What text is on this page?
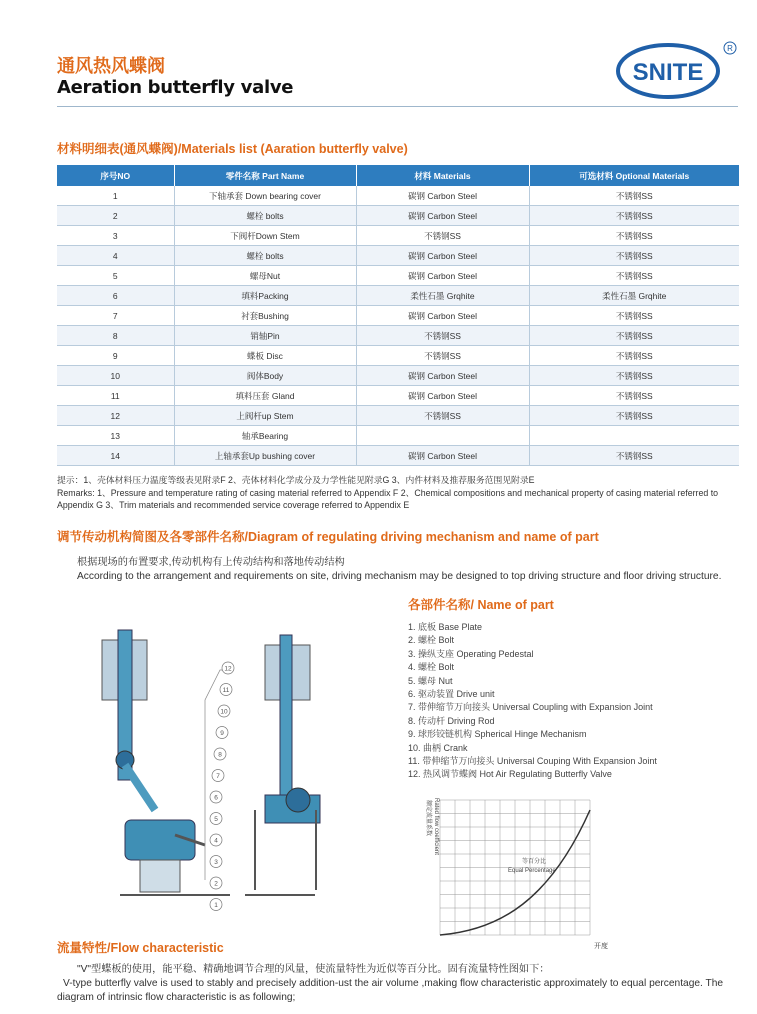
通风热风蝶阀
Aeration butterfly valve
SNITE
R
材料明细表(通风蝶阀)/Materials list (Aaration butterfly valve)
序号NO	零件名称 Part Name	材料 Materials	可选材料 Optional Materials
1	下轴承套 Down bearing cover	碳钢 Carbon Steel	不锈钢SS
2	螺栓 bolts	碳钢 Carbon Steel	不锈钢SS
3	下阀杆Down Stem	不锈钢SS	不锈钢SS
4	螺栓 bolts	碳钢 Carbon Steel	不锈钢SS
5	螺母Nut	碳钢 Carbon Steel	不锈钢SS
6	填料Packing	柔性石墨 Grqhite	柔性石墨 Grqhite
7	衬套Bushing	碳钢 Carbon Steel	不锈钢SS
8	销轴Pin	不锈钢SS	不锈钢SS
9	蝶板 Disc	不锈钢SS	不锈钢SS
10	阀体Body	碳钢 Carbon Steel	不锈钢SS
11	填料压套 Gland	碳钢 Carbon Steel	不锈钢SS
12	上阀杆up Stem	不锈钢SS	不锈钢SS
13	轴承Bearing		
14	上轴承套Up bushing cover	碳钢 Carbon Steel	不锈钢SS
提示：1、壳体材料压力温度等级表见附录F 2、壳体材料化学成分及力学性能见附录G 3、内件材料及推荐服务范围见附录E
Remarks: 1、Pressure and temperature rating of casing material referred to Appendix F 2、Chemical compositions and mechanical property of casing material referred to Appendix G 3、Trim materials and recommended service coverage referred to Appendix E
调节传动机构简图及各零部件名称/Diagram of regulating driving mechanism and name of part
根据现场的布置要求,传动机构有上传动结构和落地传动结构
According to the arrangement and requirements on site, driving mechanism may be designed to top driving structure and floor driving structure.
各部件名称/ Name of part
1. 底板 Base Plate
2. 螺栓 Bolt
3. 操纵支座 Operating Pedestal
4. 螺栓 Bolt
5. 螺母 Nut
6. 驱动装置 Drive unit
7. 带伸缩节万向接头 Universal Coupling with Expansion Joint
8. 传动杆 Driving Rod
9. 球形铰链机构 Spherical Hinge Mechanism
10. 曲柄 Crank
11. 带伸缩节万向接头 Universal Couping With Expansion Joint
12. 热风调节蝶阀 Hot Air Regulating Butterfly Valve
12
11
10
9
8
7
6
5
4
3
2
1
等百分比
Equal Percentage
额定流量系数 Rated flow coefficient
开度
流量特性/Flow characteristic
"V"型蝶板的使用，能平稳、精确地调节合理的风量，使流量特性为近似等百分比。固有流量特性图如下：
V-type butterfly valve is used to stably and precisely addition-ust the air volume ,making flow characteristic approximately to equal percentage. The diagram of intrinsic flow characteristic is as following;
